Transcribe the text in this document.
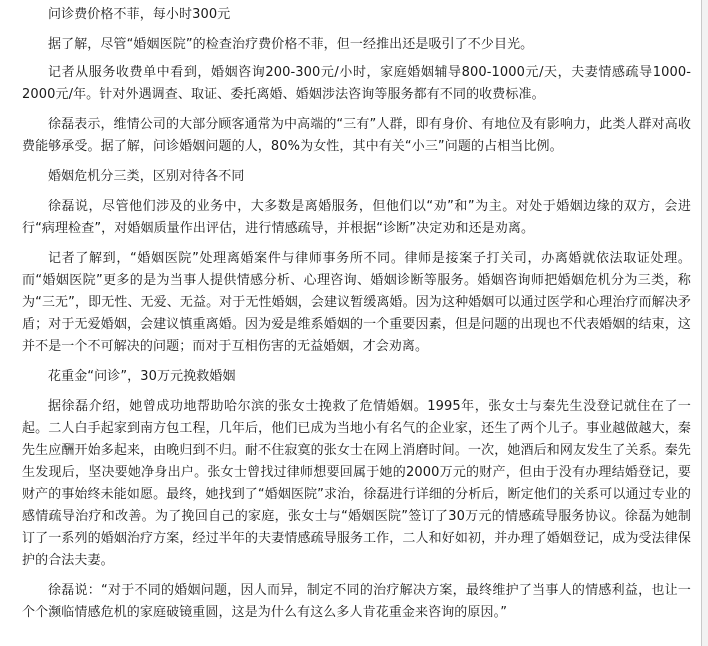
问诊费价格不菲，每小时300元

据了解，尽管“婚姻医院”的检查治疗费价格不菲，但一经推出还是吸引了不少目光。

记者从服务收费单中看到，婚姻咨询200-300元/小时，家庭婚姻辅导800-1000元/天，夫妻情感疏导1000-2000元/年。针对外遇调查、取证、委托离婚、婚姻涉法咨询等服务都有不同的收费标准。

徐磊表示，维情公司的大部分顾客通常为中高端的“三有”人群，即有身价、有地位及有影响力，此类人群对高收费能够承受。据了解，问诊婚姻问题的人，80%为女性，其中有关“小三”问题的占相当比例。

婚姻危机分三类，区别对待各不同

徐磊说，尽管他们涉及的业务中，大多数是离婚服务，但他们以“劝”和”为主。对处于婚姻边缘的双方，会进行“病理检查”，对婚姻质量作出评估，进行情感疏导，并根据“诊断”决定劝和还是劝离。

记者了解到，“婚姻医院”处理离婚案件与律师事务所不同。律师是接案子打关司，办离婚就依法取证处理。而“婚姻医院”更多的是为当事人提供情感分析、心理咨询、婚姻诊断等服务。婚姻咨询师把婚姻危机分为三类，称为“三无”，即无性、无爱、无益。对于无性婚姻，会建议暂缓离婚。因为这种婚姻可以通过医学和心理治疗而解决矛盾；对于无爱婚姻，会建议慎重离婚。因为爱是维系婚姻的一个重要因素，但是问题的出现也不代表婚姻的结束，这并不是一个不可解决的问题；而对于互相伤害的无益婚姻，才会劝离。

花重金“问诊”，30万元挽救婚姻

据徐磊介绍，她曾成功地帮助哈尔滨的张女士挽救了危情婚姻。1995年，张女士与秦先生没登记就住在了一起。二人白手起家到南方包工程，几年后，他们已成为当地小有名气的企业家，还生了两个儿子。事业越做越大，秦先生应酬开始多起来，由晚归到不归。耐不住寂寞的张女士在网上消磨时间。一次，她酒后和网友发生了关系。秦先生发现后，坚决要她净身出户。张女士曾找过律师想要回属于她的2000万元的财产，但由于没有办理结婚登记，要财产的事始终未能如愿。最终，她找到了“婚姻医院”求治，徐磊进行详细的分析后，断定他们的关系可以通过专业的感情疏导治疗和改善。为了挽回自己的家庭，张女士与“婚姻医院”签订了30万元的情感疏导服务协议。徐磊为她制订了一系列的婚姻治疗方案，经过半年的夫妻情感疏导服务工作，二人和好如初，并办理了婚姻登记，成为受法律保护的合法夫妻。

徐磊说：“对于不同的婚姻问题，因人而异，制定不同的治疗解决方案，最终维护了当事人的情感利益，也让一个个濒临情感危机的家庭破镜重圆，这是为什么有这么多人肯花重金来咨询的原因。”
